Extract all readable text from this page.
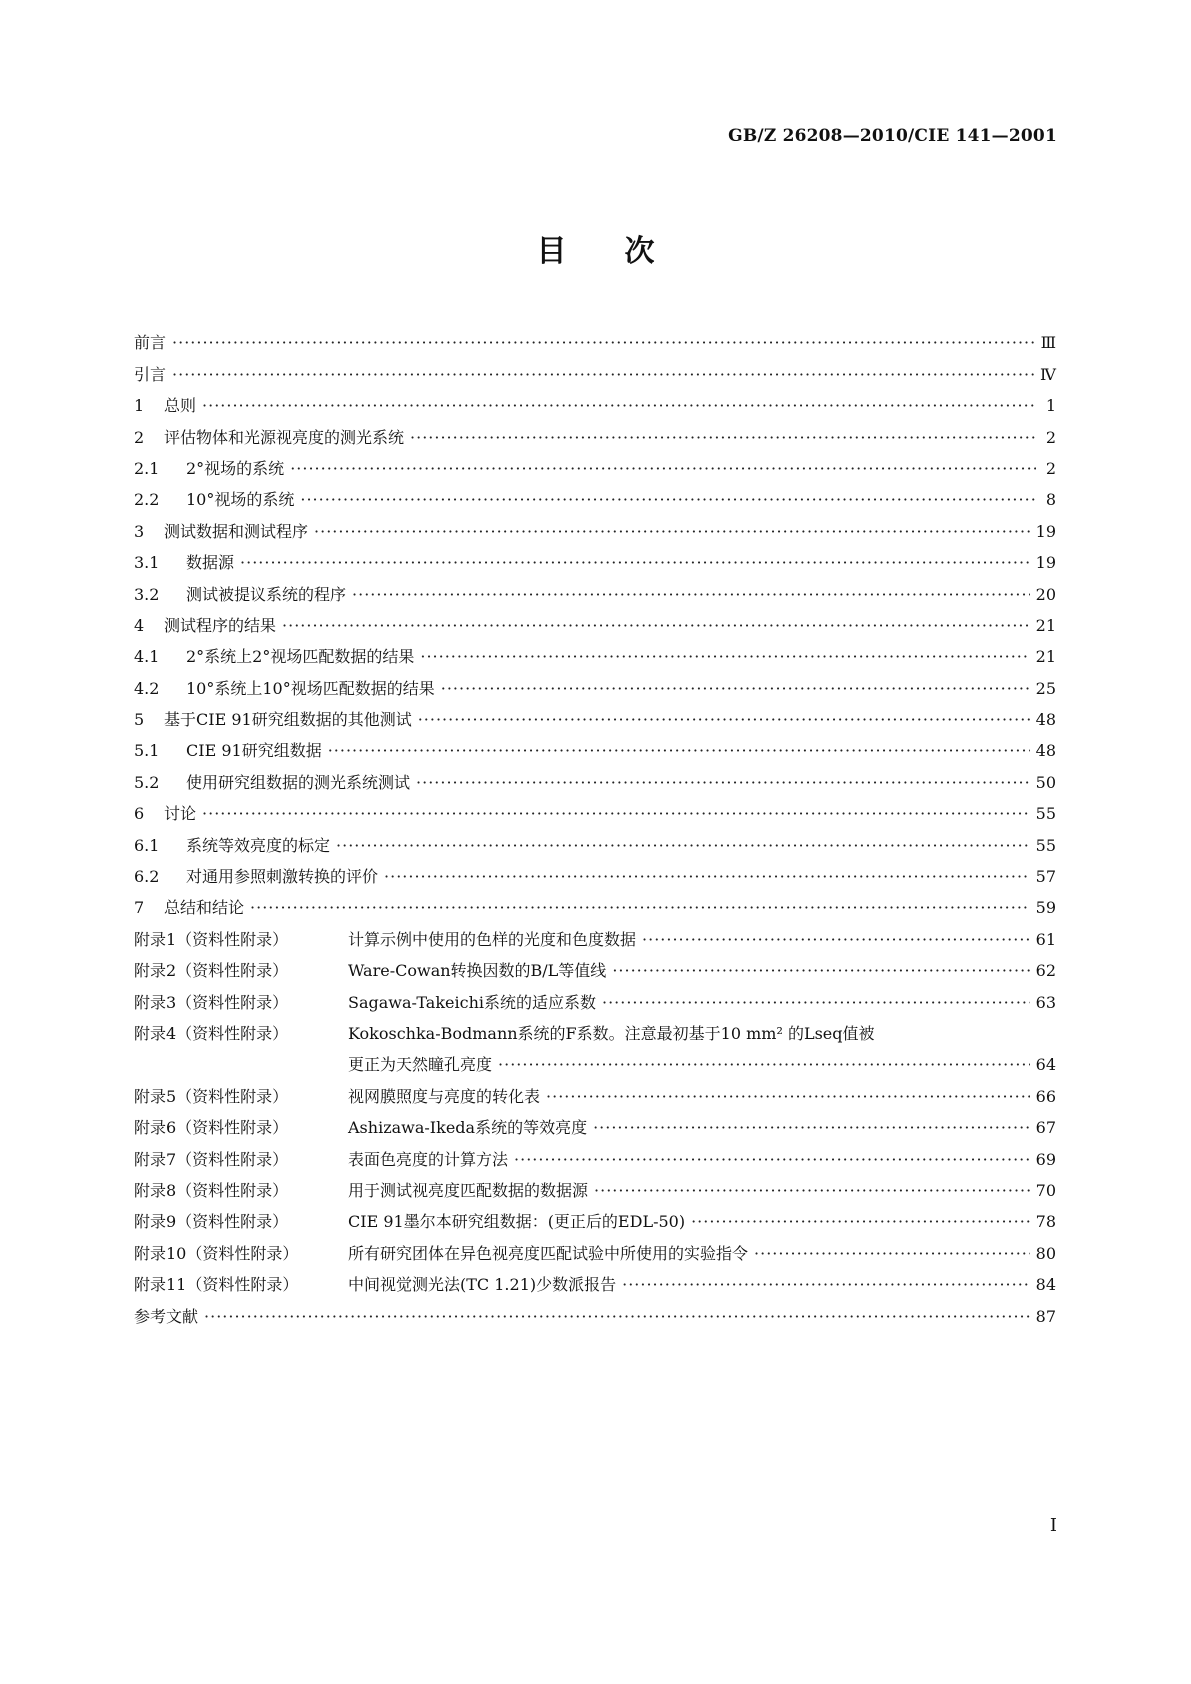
GB/Z 26208—2010/CIE 141—2001
目次
前言 ·····	Ⅲ
引言 ·····	Ⅳ
1	总则 ·····	1
2	评估物体和光源视亮度的测光系统 ·····	2
2.1	2°视场的系统 ·····	2
2.2	10°视场的系统 ·····	8
3	测试数据和测试程序 ·····	19
3.1	数据源 ·····	19
3.2	测试被提议系统的程序 ·····	20
4	测试程序的结果 ·····	21
4.1	2°系统上2°视场匹配数据的结果 ·····	21
4.2	10°系统上10°视场匹配数据的结果 ·····	25
5	基于CIE 91研究组数据的其他测试 ·····	48
5.1	CIE 91研究组数据 ·····	48
5.2	使用研究组数据的测光系统测试 ·····	50
6	讨论 ·····	55
6.1	系统等效亮度的标定 ·····	55
6.2	对通用参照刺激转换的评价 ·····	57
7	总结和结论 ·····	59
附录1（资料性附录）	计算示例中使用的色样的光度和色度数据 ·····	61
附录2（资料性附录）	Ware-Cowan转换因数的B/L等值线 ·····	62
附录3（资料性附录）	Sagawa-Takeichi系统的适应系数 ·····	63
附录4（资料性附录）	Kokoschka-Bodmann系统的F系数。注意最初基于10 mm² 的Lseq值被
更正为天然瞳孔亮度 ·····	64
附录5（资料性附录）	视网膜照度与亮度的转化表 ·····	66
附录6（资料性附录）	Ashizawa-Ikeda系统的等效亮度 ·····	67
附录7（资料性附录）	表面色亮度的计算方法 ·····	69
附录8（资料性附录）	用于测试视亮度匹配数据的数据源 ·····	70
附录9（资料性附录）	CIE 91墨尔本研究组数据：(更正后的EDL-50) ·····	78
附录10（资料性附录）	所有研究团体在异色视亮度匹配试验中所使用的实验指令 ·····	80
附录11（资料性附录）	中间视觉测光法(TC 1.21)少数派报告 ·····	84
参考文献 ·····	87
I
